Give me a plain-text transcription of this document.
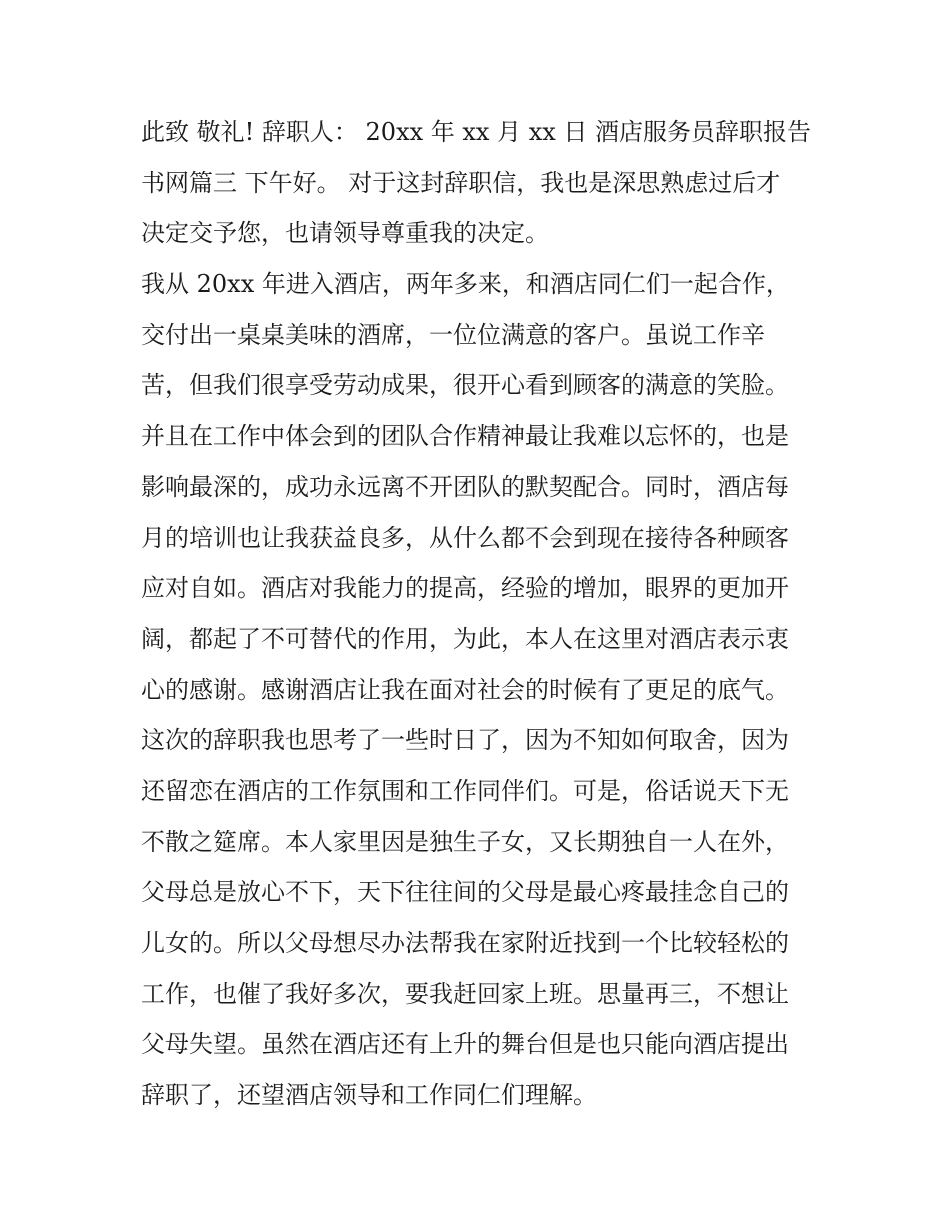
此致 敬礼! 辞职人： 20xx 年 xx 月 xx 日 酒店服务员辞职报告
书网篇三 下午好。 对于这封辞职信，我也是深思熟虑过后才
决定交予您，也请领导尊重我的决定。
我从 20xx 年进入酒店，两年多来，和酒店同仁们一起合作，
交付出一桌桌美味的酒席，一位位满意的客户。虽说工作辛
苦，但我们很享受劳动成果，很开心看到顾客的满意的笑脸。
并且在工作中体会到的团队合作精神最让我难以忘怀的，也是
影响最深的，成功永远离不开团队的默契配合。同时，酒店每
月的培训也让我获益良多，从什么都不会到现在接待各种顾客
应对自如。酒店对我能力的提高，经验的增加，眼界的更加开
阔，都起了不可替代的作用，为此，本人在这里对酒店表示衷
心的感谢。感谢酒店让我在面对社会的时候有了更足的底气。
这次的辞职我也思考了一些时日了，因为不知如何取舍，因为
还留恋在酒店的工作氛围和工作同伴们。可是，俗话说天下无
不散之筵席。本人家里因是独生子女，又长期独自一人在外，
父母总是放心不下，天下往往间的父母是最心疼最挂念自己的
儿女的。所以父母想尽办法帮我在家附近找到一个比较轻松的
工作，也催了我好多次，要我赶回家上班。思量再三，不想让
父母失望。虽然在酒店还有上升的舞台但是也只能向酒店提出
辞职了，还望酒店领导和工作同仁们理解。
